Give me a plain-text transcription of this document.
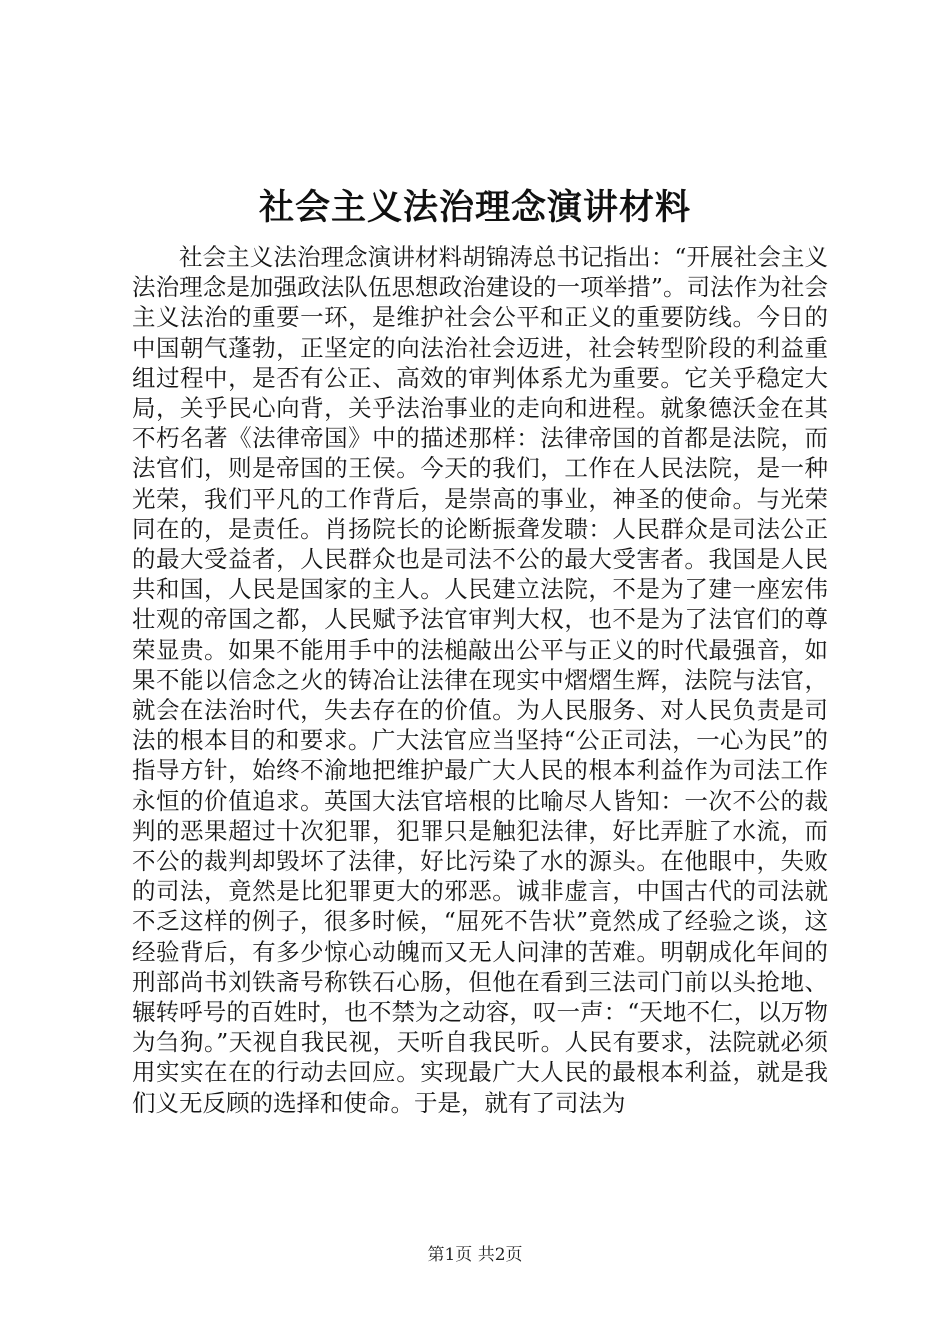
社会主义法治理念演讲材料

社会主义法治理念演讲材料胡锦涛总书记指出：“开展社会主义法治理念是加强政法队伍思想政治建设的一项举措”。司法作为社会主义法治的重要一环，是维护社会公平和正义的重要防线。今日的中国朝气蓬勃，正坚定的向法治社会迈进，社会转型阶段的利益重组过程中，是否有公正、高效的审判体系尤为重要。它关乎稳定大局，关乎民心向背，关乎法治事业的走向和进程。就象德沃金在其不朽名著《法律帝国》中的描述那样：法律帝国的首都是法院，而法官们，则是帝国的王侯。今天的我们，工作在人民法院，是一种光荣，我们平凡的工作背后，是崇高的事业，神圣的使命。与光荣同在的，是责任。肖扬院长的论断振聋发聩：人民群众是司法公正的最大受益者，人民群众也是司法不公的最大受害者。我国是人民共和国，人民是国家的主人。人民建立法院，不是为了建一座宏伟壮观的帝国之都，人民赋予法官审判大权，也不是为了法官们的尊荣显贵。如果不能用手中的法槌敲出公平与正义的时代最强音，如果不能以信念之火的铸冶让法律在现实中熠熠生辉，法院与法官，就会在法治时代，失去存在的价值。为人民服务、对人民负责是司法的根本目的和要求。广大法官应当坚持“公正司法，一心为民”的指导方针，始终不渝地把维护最广大人民的根本利益作为司法工作永恒的价值追求。英国大法官培根的比喻尽人皆知：一次不公的裁判的恶果超过十次犯罪，犯罪只是触犯法律，好比弄脏了水流，而不公的裁判却毁坏了法律，好比污染了水的源头。在他眼中，失败的司法，竟然是比犯罪更大的邪恶。诚非虚言，中国古代的司法就不乏这样的例子，很多时候，“屈死不告状”竟然成了经验之谈，这经验背后，有多少惊心动魄而又无人问津的苦难。明朝成化年间的刑部尚书刘铁斋号称铁石心肠，但他在看到三法司门前以头抢地、辗转呼号的百姓时，也不禁为之动容，叹一声：“天地不仁，以万物为刍狗。”天视自我民视，天听自我民听。人民有要求，法院就必须用实实在在的行动去回应。实现最广大人民的最根本利益，就是我们义无反顾的选择和使命。于是，就有了司法为

第1页 共2页
